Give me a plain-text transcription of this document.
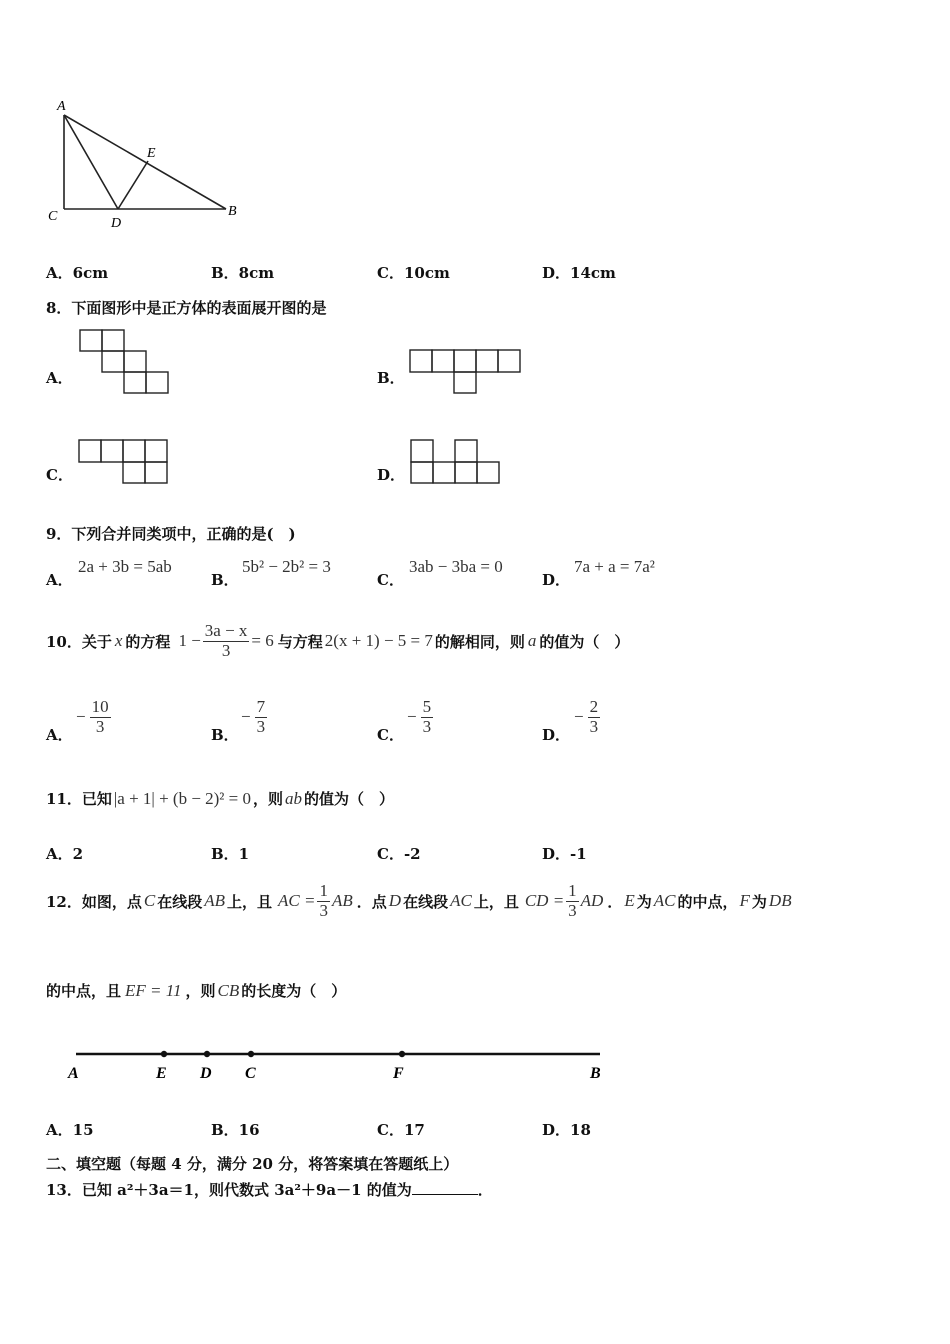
A
E
C	D
B
A．6cm	B．8cm	C．10cm	D．14cm
8．下面图形中是正方体的表面展开图的是
A．	B．
C．	D．
9．下列合并同类项中，正确的是(　)
A．
2a + 3b = 5ab
B．
5b² − 2b² = 3
C．
3ab − 3ba = 0
D．
7a + a = 7a²
10．关于 x 的方程 $1 - \frac{3a - x}{3} = 6$ 与方程 2(x + 1) − 5 = 7 的解相同，则 a 的值为（　）
A．
− $\frac{10}{3}$	B．
− $\frac{7}{3}$	C．
− $\frac{5}{3}$	D．
− $\frac{2}{3}$
11．已知 |a + 1| + (b − 2)² = 0 ，则 ab 的值为（　）
A．2	B．1	C．-2	D．-1
12．如图，点 C 在线段 AB 上，且 AC = $\frac{1}{3}$ AB ．点 D 在线段 AC 上，且 CD = $\frac{1}{3}$ AD ． E 为 AC 的中点， F 为 DB
的中点，且 EF = 11 ，则 CB 的长度为（　）
A	E D C	F	B
A．15	B．16	C．17	D．18
二、填空题（每题 4 分，满分 20 分，将答案填在答题纸上）
13．已知 a²＋3a＝1，则代数式 3a²＋9a－1 的值为	．
